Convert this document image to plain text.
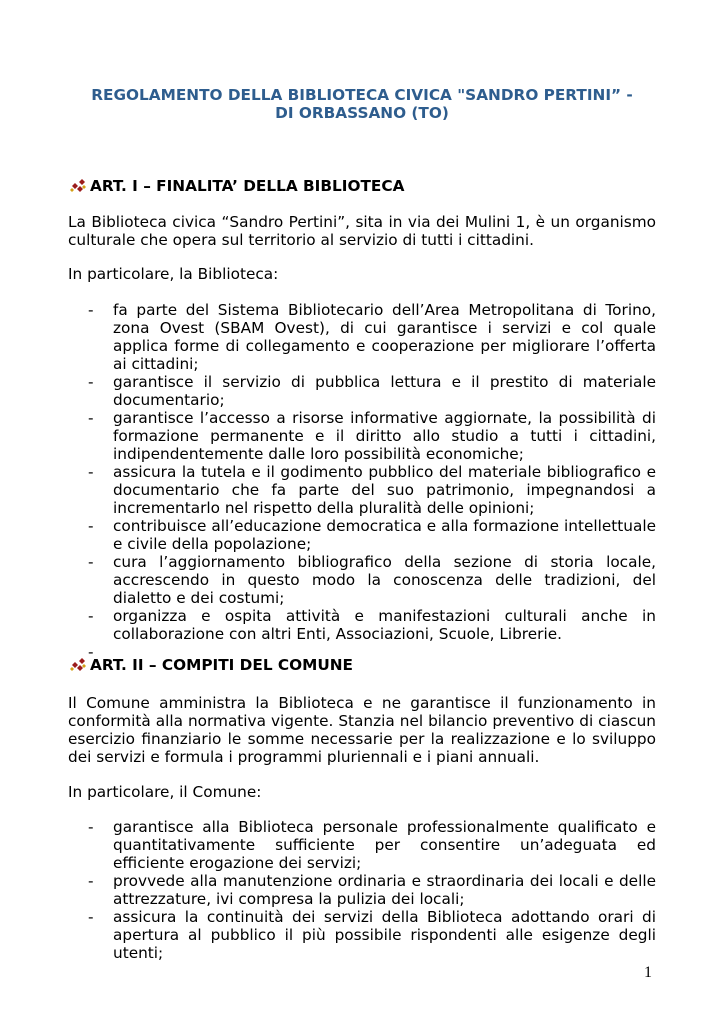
REGOLAMENTO DELLA BIBLIOTECA CIVICA "SANDRO PERTINI” -
DI ORBASSANO (TO)
ART. I – FINALITA’ DELLA BIBLIOTECA

La Biblioteca civica “Sandro Pertini”, sita in via dei Mulini 1, è un organismo culturale che opera sul territorio al servizio di tutti i cittadini.

In particolare, la Biblioteca:

- fa parte del Sistema Bibliotecario dell’Area Metropolitana di Torino, zona Ovest (SBAM Ovest), di cui garantisce i servizi e col quale applica forme di collegamento e cooperazione per migliorare l’offerta ai cittadini;
- garantisce il servizio di pubblica lettura e il prestito di materiale documentario;
- garantisce l’accesso a risorse informative aggiornate, la possibilità di formazione permanente e il diritto allo studio a tutti i cittadini, indipendentemente dalle loro possibilità economiche;
- assicura la tutela e il godimento pubblico del materiale bibliografico e documentario che fa parte del suo patrimonio, impegnandosi a incrementarlo nel rispetto della pluralità delle opinioni;
- contribuisce all’educazione democratica e alla formazione intellettuale e civile della popolazione;
- cura l’aggiornamento bibliografico della sezione di storia locale, accrescendo in questo modo la conoscenza delle tradizioni, del dialetto e dei costumi;
- organizza e ospita attività e manifestazioni culturali anche in collaborazione con altri Enti, Associazioni, Scuole, Librerie.
-

ART. II – COMPITI DEL COMUNE

Il Comune amministra la Biblioteca e ne garantisce il funzionamento in conformità alla normativa vigente. Stanzia nel bilancio preventivo di ciascun esercizio finanziario le somme necessarie per la realizzazione e lo sviluppo dei servizi e formula i programmi pluriennali e i piani annuali.

In particolare, il Comune:

- garantisce alla Biblioteca personale professionalmente qualificato e quantitativamente sufficiente per consentire un’adeguata ed efficiente erogazione dei servizi;
- provvede alla manutenzione ordinaria e straordinaria dei locali e delle attrezzature, ivi compresa la pulizia dei locali;
- assicura la continuità dei servizi della Biblioteca adottando orari di apertura al pubblico il più possibile rispondenti alle esigenze degli utenti;
1
